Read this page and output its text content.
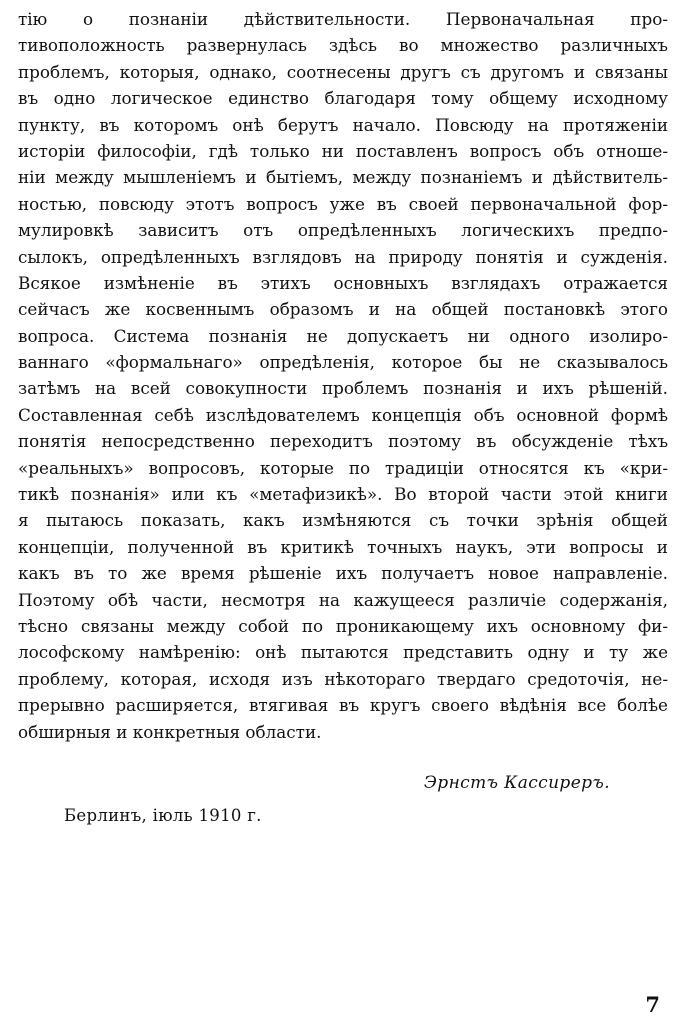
тію о познанiи дѣйствительности. Первоначальная про-
тивоположность развернулась здѣсь во множество различныхъ
проблемъ, которыя, однако, соотнесены другъ съ другомъ и связаны
въ одно логическое единство благодаря тому общему исходному
пункту, въ которомъ онѣ берутъ начало. Повсюду на протяженіи
исторіи философіи, гдѣ только ни поставленъ вопросъ объ отноше-
ніи между мышленіемъ и бытіемъ, между познаніемъ и дѣйствитель-
ностью, повсюду этотъ вопросъ уже въ своей первоначальной фор-
мулировкѣ зависитъ отъ опредѣленныхъ логическихъ предпо-
сылокъ, опредѣленныхъ взглядовъ на природу понятія и сужденія.
Всякое измѣненіе въ этихъ основныхъ взглядахъ отражается
сейчасъ же косвеннымъ образомъ и на общей постановкѣ этого
вопроса. Система познанія не допускаетъ ни одного изолиро-
ваннаго «формальнаго» опредѣленія, которое бы не сказывалось
затѣмъ на всей совокупности проблемъ познанія и ихъ рѣшеній.
Составленная себѣ изслѣдователемъ концепція объ основной формѣ
понятія непосредственно переходитъ поэтому въ обсужденіе тѣхъ
«реальныхъ» вопросовъ, которые по традиціи относятся къ «кри-
тикѣ познанія» или къ «метафизикѣ». Во второй части этой книги
я пытаюсь показать, какъ измѣняются съ точки зрѣнія общей
концепціи, полученной въ критикѣ точныхъ наукъ, эти вопросы и
какъ въ то же время рѣшеніе ихъ получаетъ новое направленіе.
Поэтому обѣ части, несмотря на кажущееся различіе содержанія,
тѣсно связаны между собой по проникающему ихъ основному фи-
лософскому намѣренію: онѣ пытаются представить одну и ту же
проблему, которая, исходя изъ нѣкотораго твердаго средоточія, не-
прерывно расширяется, втягивая въ кругъ своего вѣдѣнія все болѣе
обширныя и конкретныя области.
Эрнстъ Кассиреръ.
Берлинъ, іюль 1910 г.
7
